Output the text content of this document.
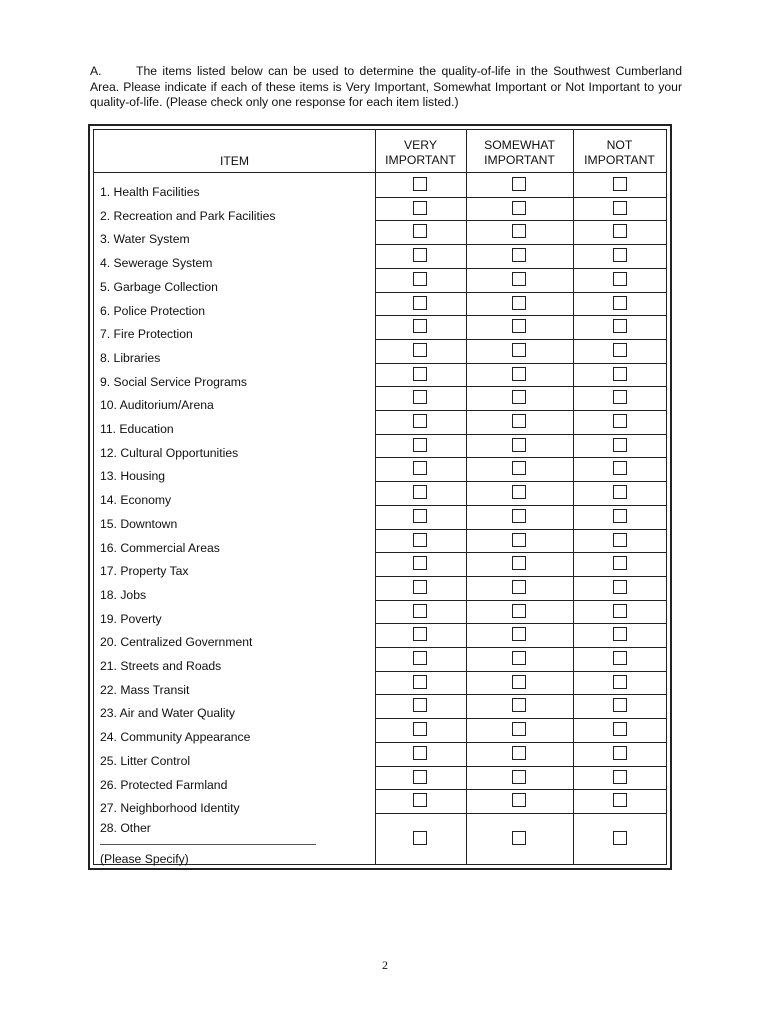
A.	The items listed below can be used to determine the quality-of-life in the Southwest Cumberland Area. Please indicate if each of these items is Very Important, Somewhat Important or Not Important to your quality-of-life. (Please check only one response for each item listed.)
ITEM
VERY
IMPORTANT
SOMEWHAT
IMPORTANT
NOT
IMPORTANT
(Please Specify)
1. Health Facilities
2. Recreation and Park Facilities
3. Water System
4. Sewerage System
5. Garbage Collection
6. Police Protection
7. Fire Protection
8. Libraries
9. Social Service Programs
10. Auditorium/Arena
11. Education
12. Cultural Opportunities
13. Housing
14. Economy
15. Downtown
16. Commercial Areas
17. Property Tax
18. Jobs
19. Poverty
20. Centralized Government
21. Streets and Roads
22. Mass Transit
23. Air and Water Quality
24. Community Appearance
25. Litter Control
26. Protected Farmland
27. Neighborhood Identity
28. Other
2
